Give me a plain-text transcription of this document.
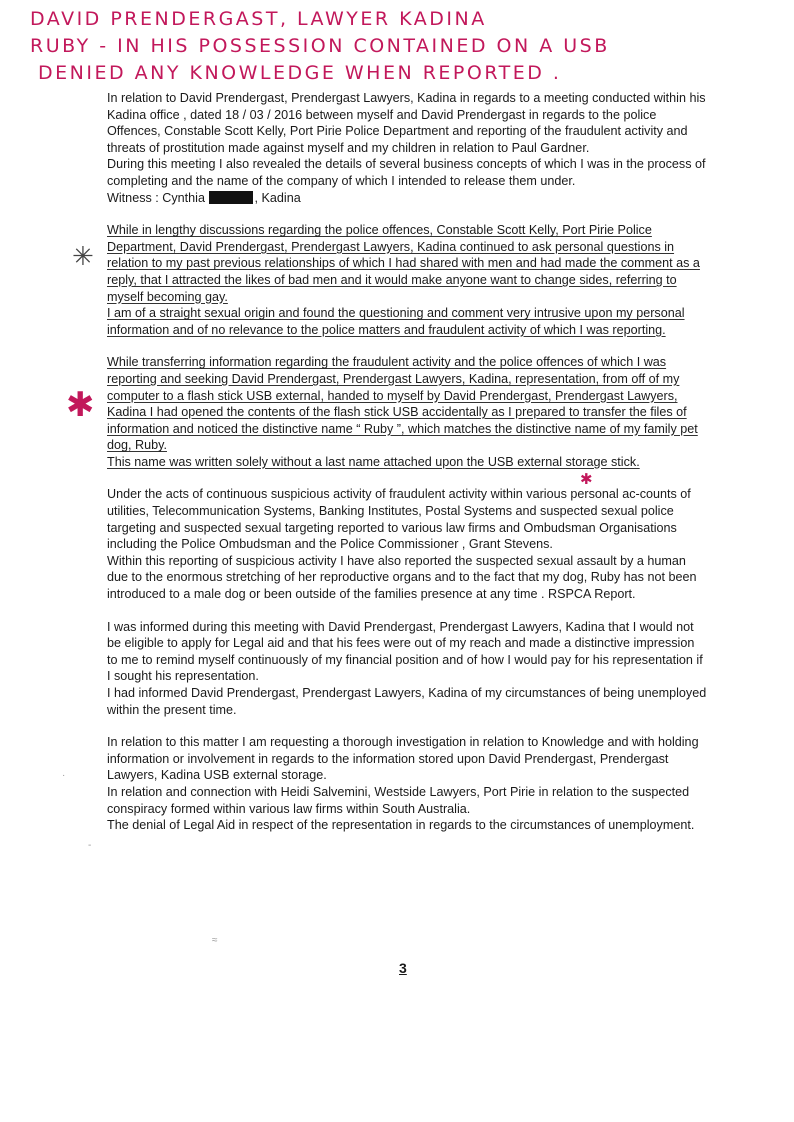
DAVID PRENDERGAST, LAWYER KADINA
RUBY - IN HIS POSSESSION CONTAINED ON A USB
DENIED ANY KNOWLEDGE WHEN REPORTED .
✳
✱
✱

In relation to David Prendergast, Prendergast Lawyers, Kadina in regards to a meeting conducted within his Kadina office , dated 18 / 03 / 2016 between myself and David Prendergast in regards to the police

Offences, Constable Scott Kelly, Port Pirie Police Department and reporting of the fraudulent activity and threats of prostitution made against myself and my children in relation to Paul Gardner.

During this meeting I also revealed the details of several business concepts of which I was in the process of completing and the name of the company of which I intended to release them under.

Witness : Cynthia	, Kadina

While in lengthy discussions regarding the police offences, Constable Scott Kelly, Port Pirie Police Department, David Prendergast, Prendergast Lawyers, Kadina continued to ask personal questions in relation to my past previous relationships of which I had shared with men and had made the comment as a reply, that I attracted the likes of bad men and it would make anyone want to change sides, referring to myself becoming gay.

I am of a straight sexual origin and found the questioning and comment very intrusive upon my personal information and of no relevance to the police matters and fraudulent activity of which I was reporting.

While transferring information regarding the fraudulent activity and the police offences of which I was reporting and seeking David Prendergast, Prendergast Lawyers, Kadina, representation, from off of my computer to a flash stick USB external, handed to myself by David Prendergast, Prendergast Lawyers, Kadina I had opened the contents of the flash stick USB accidentally as I prepared to transfer the files of information and noticed the distinctive name “ Ruby ”, which matches the distinctive name of my family pet dog, Ruby.

This name was written solely without a last name attached upon the USB external storage stick.

Under the acts of continuous suspicious activity of fraudulent activity within various personal ac-counts of utilities, Telecommunication Systems, Banking Institutes, Postal Systems and suspected sexual police targeting and suspected sexual targeting reported to various law firms and Ombudsman Organisations including the Police Ombudsman and the Police Commissioner , Grant Stevens.

Within this reporting of suspicious activity I have also reported the suspected sexual assault by a human due to the enormous stretching of her reproductive organs and to the fact that my dog, Ruby has not been introduced to a male dog or been outside of the families presence at any time . RSPCA Report.

I was informed during this meeting with David Prendergast, Prendergast Lawyers, Kadina that I would not be eligible to apply for Legal aid and that his fees were out of my reach and made a distinctive impression to me to remind myself continuously of my financial position and of how I would pay for his representation if I sought his representation.

I had informed David Prendergast, Prendergast Lawyers, Kadina of my circumstances of being unemployed within the present time.

In relation to this matter I am requesting a thorough investigation in relation to Knowledge and with holding information or involvement in regards to the information stored upon David Prendergast, Prendergast Lawyers, Kadina USB external storage.

In relation and connection with Heidi Salvemini, Westside Lawyers, Port Pirie in relation to the suspected conspiracy formed within various law firms within South Australia.

The denial of Legal Aid in respect of the representation in regards to the circumstances of unemployment.

3
≈
-
·
